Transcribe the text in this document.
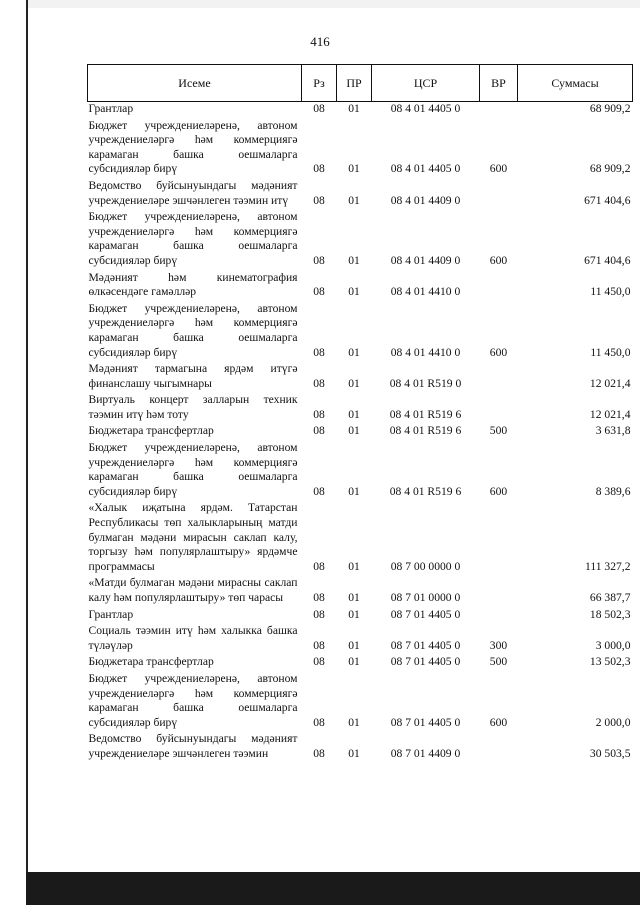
416
Исеме	Рз	ПР	ЦСР	ВР	Суммасы
Грантлар	08	01	08 4 01 4405 0		68 909,2
Бюджет учреждениеләренә, автоном учреждениеләргә һәм коммерциягә карамаган башка оешмаларга субсидияләр бирү	08	01	08 4 01 4405 0	600	68 909,2
Ведомство буйсынуындагы мәдәният учреждениеләре эшчәнлеген тәэмин итү	08	01	08 4 01 4409 0		671 404,6
Бюджет учреждениеләренә, автоном учреждениеләргә һәм коммерциягә карамаган башка оешмаларга субсидияләр бирү	08	01	08 4 01 4409 0	600	671 404,6
Мәдәният һәм кинематография өлкәсендәге гамәлләр	08	01	08 4 01 4410 0		11 450,0
Бюджет учреждениеләренә, автоном учреждениеләргә һәм коммерциягә карамаган башка оешмаларга субсидияләр бирү	08	01	08 4 01 4410 0	600	11 450,0
Мәдәният тармагына ярдәм итүгә финанслашу чыгымнары	08	01	08 4 01 R519 0		12 021,4
Виртуаль концерт залларын техник тәэмин итү һәм тоту	08	01	08 4 01 R519 6		12 021,4
Бюджетара трансфертлар	08	01	08 4 01 R519 6	500	3 631,8
Бюджет учреждениеләренә, автоном учреждениеләргә һәм коммерциягә карамаган башка оешмаларга субсидияләр бирү	08	01	08 4 01 R519 6	600	8 389,6
«Халык иҗатына ярдәм. Татарстан Республикасы төп халыкларының матди булмаган мәдәни мирасын саклап калу, торгызу һәм популярлаштыру» ярдәмче программасы	08	01	08 7 00 0000 0		111 327,2
«Матди булмаган мәдәни мирасны саклап калу һәм популярлаштыру» төп чарасы	08	01	08 7 01 0000 0		66 387,7
Грантлар	08	01	08 7 01 4405 0		18 502,3
Социаль тәэмин итү һәм халыкка башка түләүләр	08	01	08 7 01 4405 0	300	3 000,0
Бюджетара трансфертлар	08	01	08 7 01 4405 0	500	13 502,3
Бюджет учреждениеләренә, автоном учреждениеләргә һәм коммерциягә карамаган башка оешмаларга субсидияләр бирү	08	01	08 7 01 4405 0	600	2 000,0
Ведомство буйсынуындагы мәдәният учреждениеләре эшчәнлеген тәэмин	08	01	08 7 01 4409 0		30 503,5
